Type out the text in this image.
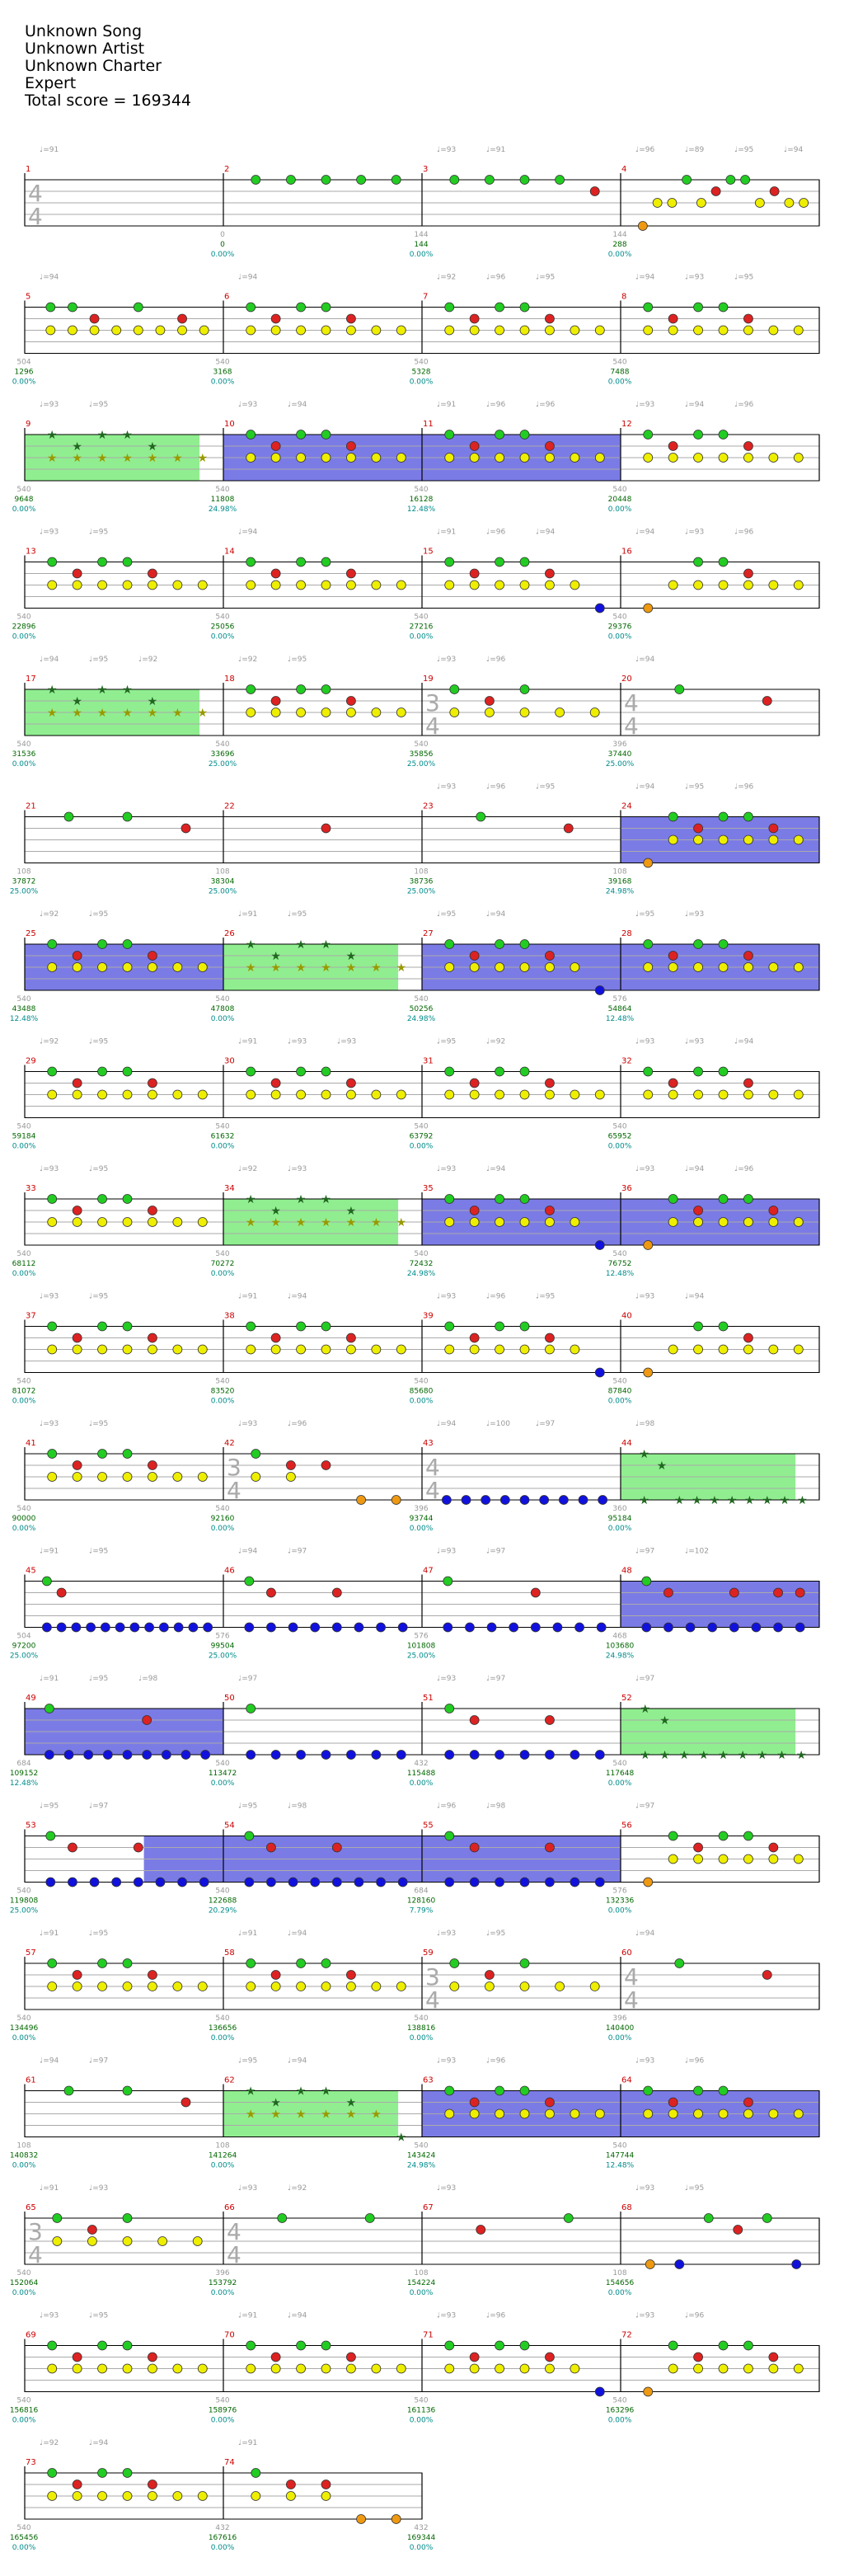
Unknown Song
Unknown Artist
Unknown Charter
Expert
Total score = 169344
1
♩=91
4
4
2
0
0
0.00%
3
♩=93	♩=91
144
144
0.00%
4
♩=96	♩=89	♩=95	♩=94
144
288
0.00%
5
♩=94
504
1296
0.00%
6
♩=94
540
3168
0.00%
7
♩=92	♩=96	♩=95
540
5328
0.00%
8
♩=94	♩=93	♩=95
540
7488
0.00%
9
♩=93	♩=95
★
★
★
★
★
★
★
★
★
★ ★ ★
540
9648
0.00%
10
♩=93	♩=94
540
11808
24.98%
11
♩=91	♩=96	♩=96
540
16128
12.48%
12
♩=93	♩=94	♩=96
540
20448
0.00%
13
♩=93	♩=95
540
22896
0.00%
14
♩=94
540
25056
0.00%
15
♩=91	♩=96	♩=94
540
27216
0.00%
16
♩=94	♩=93	♩=96
540
29376
0.00%
17
♩=94	♩=95	♩=92
★
★
★
★
★
★
★
★
★
★ ★ ★
540
31536
0.00%
18
♩=92	♩=95
540
33696
25.00%
19
♩=93	♩=96
3
4
540
35856
25.00%
20
♩=94
4
4
396
37440
25.00%
21
108
37872
25.00%
22
108
38304
25.00%
23
♩=93	♩=96	♩=95
108
38736
25.00%
24
♩=94	♩=95	♩=96
108
39168
24.98%
25
♩=92	♩=95
540
43488
12.48%
26
♩=91	♩=95
★
★
★
★
★
★
★
★
★
★ ★ ★
540
47808
0.00%
27
♩=95	♩=94
540
50256
24.98%
28
♩=95	♩=93
576
54864
12.48%
29
♩=92	♩=95
540
59184
0.00%
30
♩=91	♩=93	♩=93
540
61632
0.00%
31
♩=95	♩=92
540
63792
0.00%
32
♩=93	♩=93	♩=94
540
65952
0.00%
33
♩=93	♩=95
540
68112
0.00%
34
♩=92	♩=93
★
★
★
★
★
★
★
★
★
★ ★ ★
540
70272
0.00%
35
♩=93	♩=94
540
72432
24.98%
36
♩=93	♩=94	♩=96
540
76752
12.48%
37
♩=93	♩=95
540
81072
0.00%
38
♩=91	♩=94
540
83520
0.00%
39
♩=93	♩=96	♩=95
540
85680
0.00%
40
♩=93	♩=94
540
87840
0.00%
41
♩=93	♩=95
540
90000
0.00%
42
♩=93	♩=96
3
4
540
92160
0.00%
43
♩=94	♩=100	♩=97
4
4
396
93744
0.00%
44
♩=98
★
★
★
★ ★ ★ ★ ★ ★ ★ ★
360
95184
0.00%
45
♩=91	♩=95
504
97200
25.00%
46
♩=94	♩=97
576
99504
25.00%
47
♩=93	♩=97
576
101808
25.00%
48
♩=97	♩=102
468
103680
24.98%
49
♩=91	♩=95	♩=98
684
109152
12.48%
50
♩=97
540
113472
0.00%
51
♩=93	♩=97
432
115488
0.00%
52
♩=97
★
★
★
★ ★ ★ ★ ★ ★ ★ ★
540
117648
0.00%
53
♩=95	♩=97
540
119808
25.00%
54
♩=95	♩=98
540
122688
20.29%
55
♩=96	♩=98
684
128160
7.79%
56
♩=97
576
132336
0.00%
57
♩=91	♩=95
540
134496
0.00%
58
♩=91	♩=94
540
136656
0.00%
59
♩=93	♩=95
3
4
540
138816
0.00%
60
♩=94
4
4
396
140400
0.00%
61
♩=94	♩=97
108
140832
0.00%
62
♩=95	♩=94
★
★
★
★
★
★
★
★
★
★ ★
★
108
141264
0.00%
63
♩=93	♩=96
540
143424
24.98%
64
♩=93	♩=96
540
147744
12.48%
65
♩=91	♩=93
3
4
540
152064
0.00%
66
♩=93	♩=92
4
4
396
153792
0.00%
67
♩=93
108
154224
0.00%
68
♩=93	♩=95
108
154656
0.00%
69
♩=93	♩=95
540
156816
0.00%
70
♩=91	♩=94
540
158976
0.00%
71
♩=93	♩=96
540
161136
0.00%
72
♩=93	♩=96
540
163296
0.00%
73
♩=92	♩=94
540
165456
0.00%
74
♩=91
432
167616
0.00%
432
169344
0.00%
